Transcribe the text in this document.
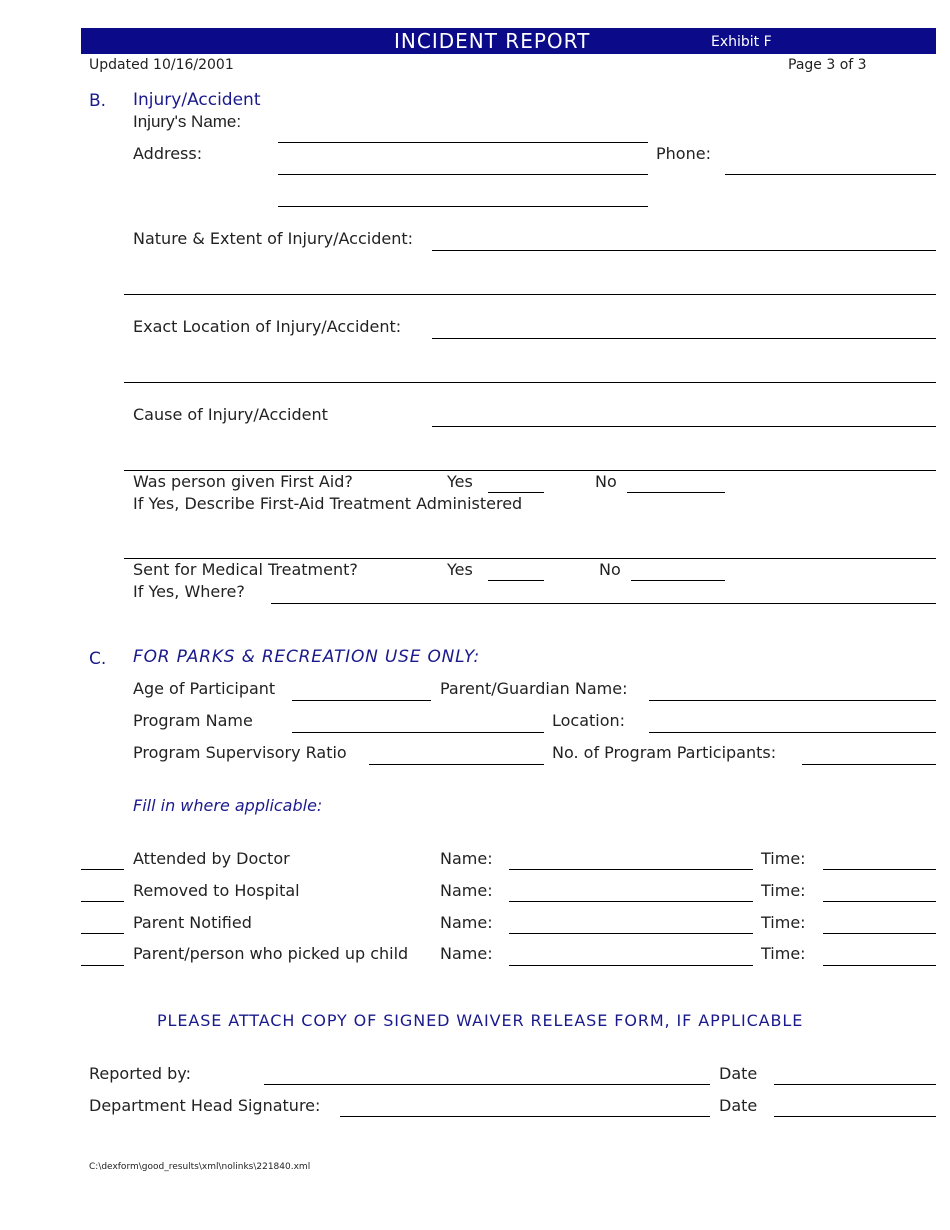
INCIDENT REPORT	Exhibit F
Updated 10/16/2001	Page 3 of 3
B. Injury/Accident
Injury's Name:
Address:	Phone:
Nature & Extent of Injury/Accident:
Exact Location of Injury/Accident:
Cause of Injury/Accident
Was person given First Aid?	Yes	No
If Yes, Describe First-Aid Treatment Administered
Sent for Medical Treatment?	Yes	No
If Yes, Where?
C. FOR PARKS & RECREATION USE ONLY:
Age of Participant	Parent/Guardian Name:
Program Name	Location:
Program Supervisory Ratio	No. of Program Participants:
Fill in where applicable:
Attended by Doctor	Name:	Time:
Removed to Hospital	Name:	Time:
Parent Notified	Name:	Time:
Parent/person who picked up child Name:	Time:
PLEASE ATTACH COPY OF SIGNED WAIVER RELEASE FORM, IF APPLICABLE
Reported by:	Date
Department Head Signature:	Date
C:\dexform\good_results\xml\nolinks\221840.xml
